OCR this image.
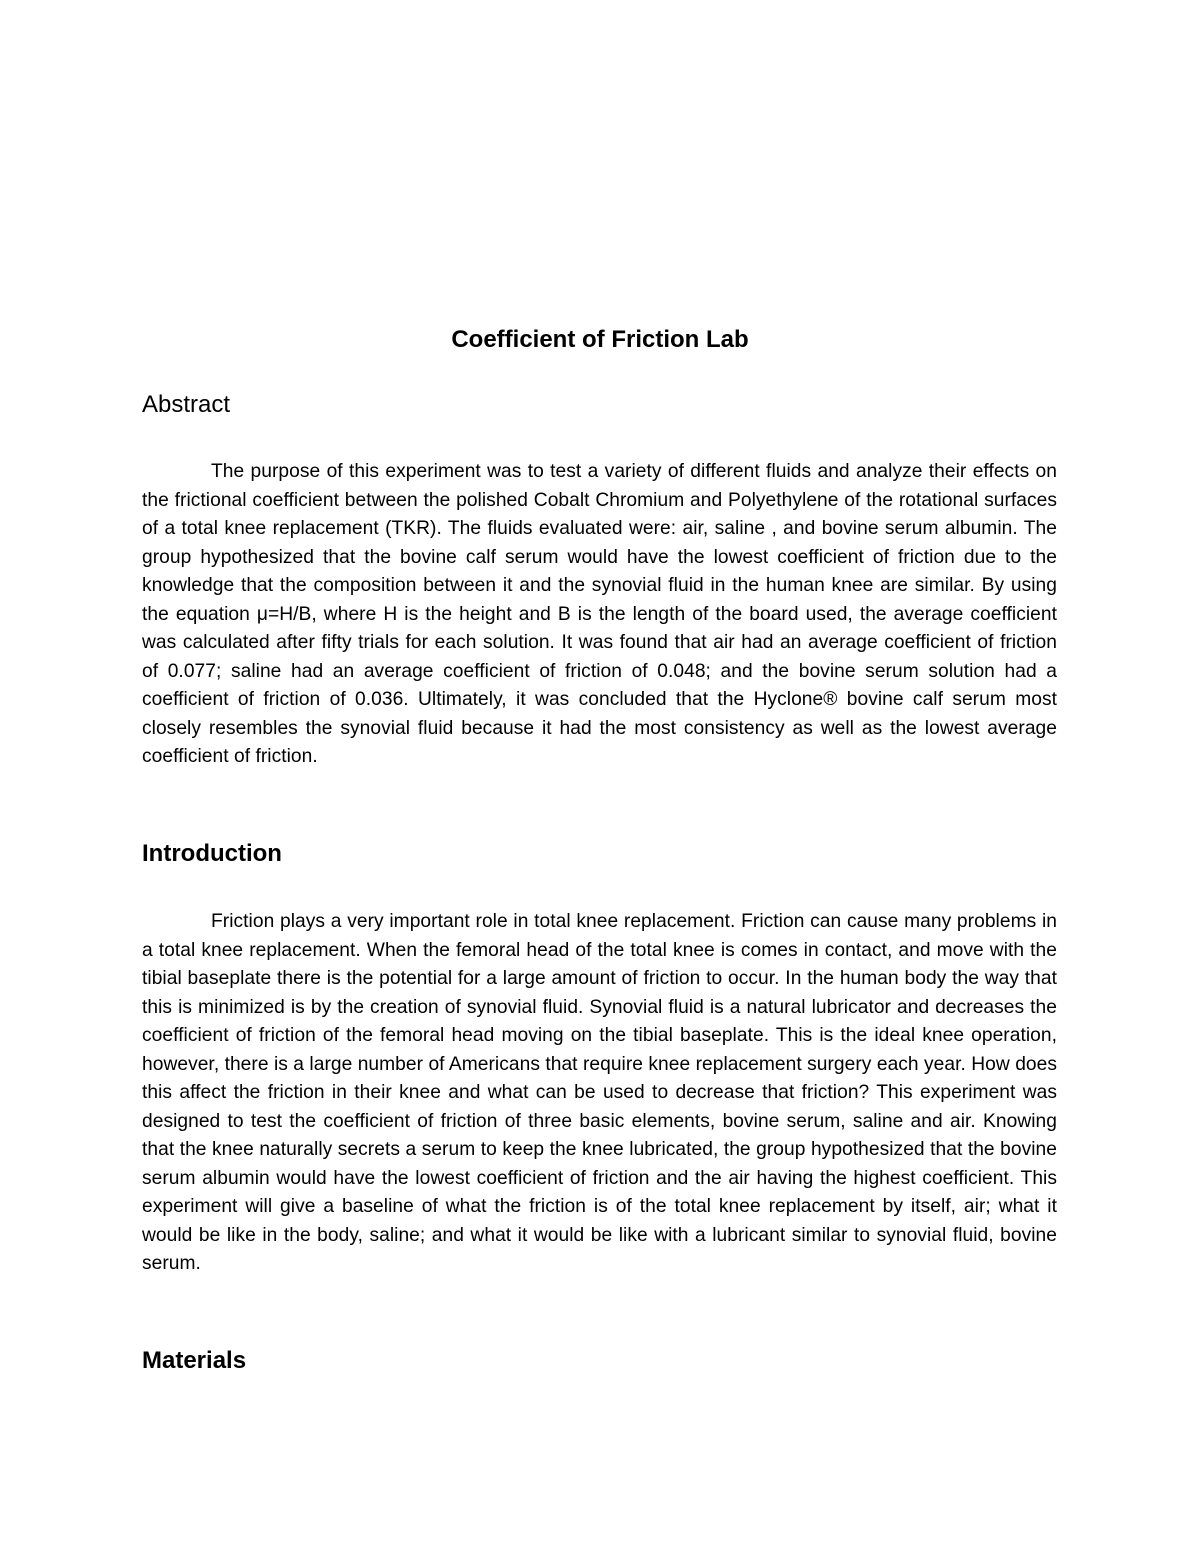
Coefficient of Friction Lab
Abstract

The purpose of this experiment was to test a variety of different fluids and analyze their effects on the frictional coefficient between the polished Cobalt Chromium and Polyethylene of the rotational surfaces of a total knee replacement (TKR). The fluids evaluated were: air, saline , and bovine serum albumin. The group hypothesized that the bovine calf serum would have the lowest coefficient of friction due to the knowledge that the composition between it and the synovial fluid in the human knee are similar. By using the equation μ=H/B, where H is the height and B is the length of the board used, the average coefficient was calculated after fifty trials for each solution. It was found that air had an average coefficient of friction of 0.077; saline had an average coefficient of friction of 0.048; and the bovine serum solution had a coefficient of friction of 0.036. Ultimately, it was concluded that the Hyclone® bovine calf serum most closely resembles the synovial fluid because it had the most consistency as well as the lowest average coefficient of friction.

Introduction

Friction plays a very important role in total knee replacement. Friction can cause many problems in a total knee replacement. When the femoral head of the total knee is comes in contact, and move with the tibial baseplate there is the potential for a large amount of friction to occur. In the human body the way that this is minimized is by the creation of synovial fluid. Synovial fluid is a natural lubricator and decreases the coefficient of friction of the femoral head moving on the tibial baseplate. This is the ideal knee operation, however, there is a large number of Americans that require knee replacement surgery each year. How does this affect the friction in their knee and what can be used to decrease that friction? This experiment was designed to test the coefficient of friction of three basic elements, bovine serum, saline and air. Knowing that the knee naturally secrets a serum to keep the knee lubricated, the group hypothesized that the bovine serum albumin would have the lowest coefficient of friction and the air having the highest coefficient. This experiment will give a baseline of what the friction is of the total knee replacement by itself, air; what it would be like in the body, saline; and what it would be like with a lubricant similar to synovial fluid, bovine serum.

Materials
